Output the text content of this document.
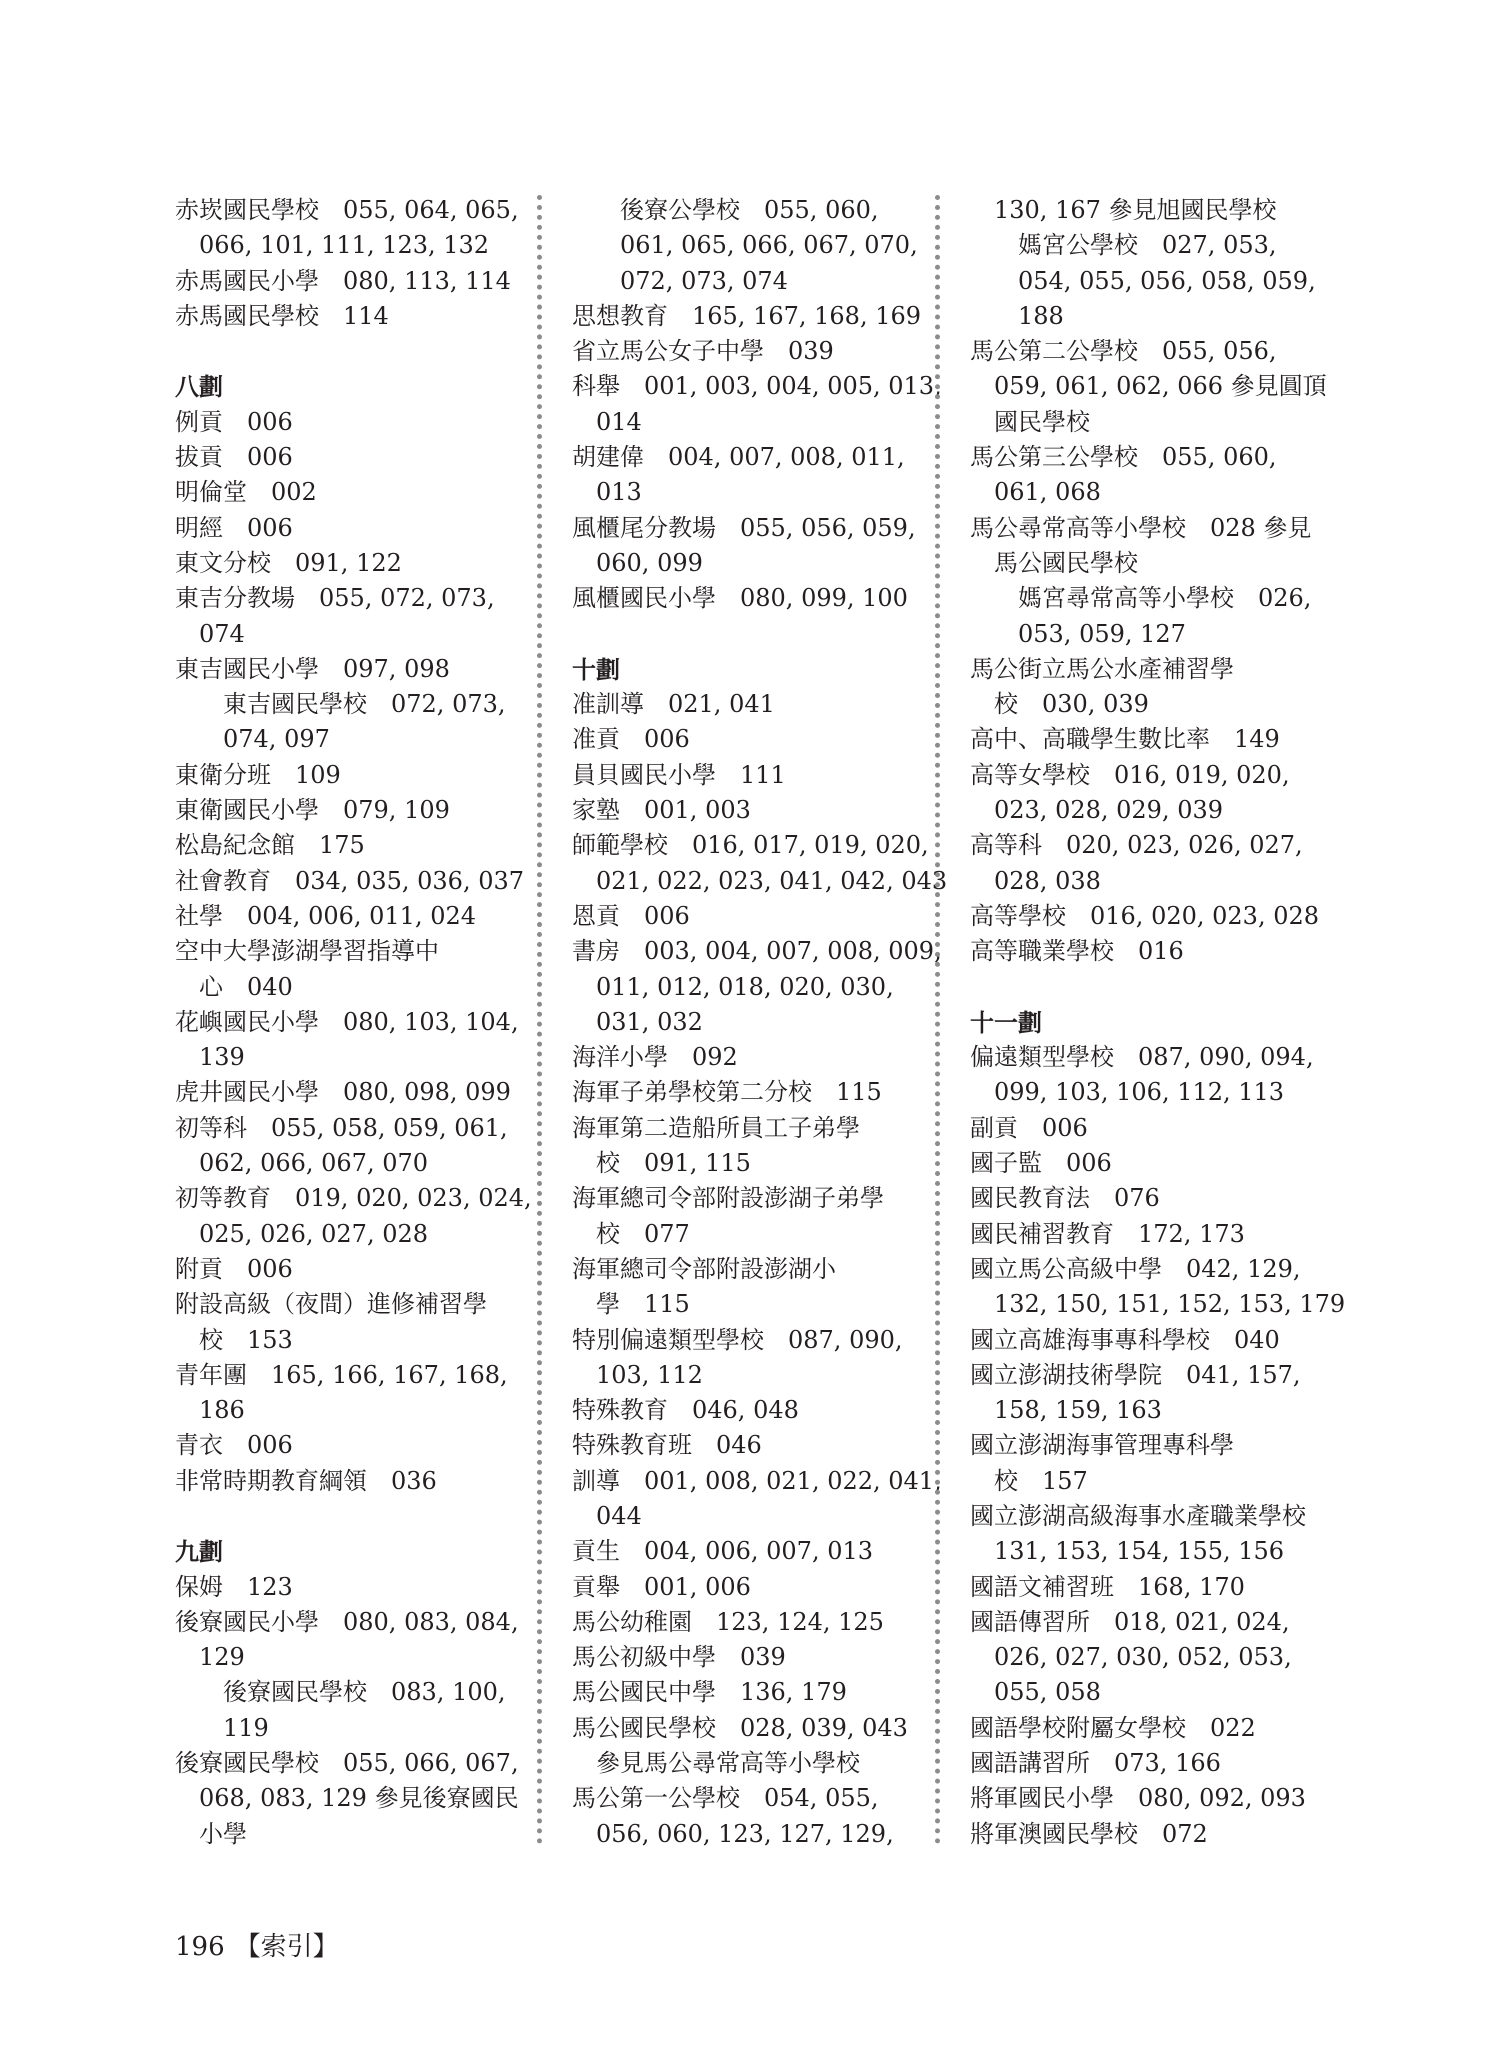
赤崁國民學校　055, 064, 065,
066, 101, 111, 123, 132
赤馬國民小學　080, 113, 114
赤馬國民學校　114
八劃
例貢　006
拔貢　006
明倫堂　002
明經　006
東文分校　091, 122
東吉分教場　055, 072, 073,
074
東吉國民小學　097, 098
東吉國民學校　072, 073,
074, 097
東衛分班　109
東衛國民小學　079, 109
松島紀念館　175
社會教育　034, 035, 036, 037
社學　004, 006, 011, 024
空中大學澎湖學習指導中
心　040
花嶼國民小學　080, 103, 104,
139
虎井國民小學　080, 098, 099
初等科　055, 058, 059, 061,
062, 066, 067, 070
初等教育　019, 020, 023, 024,
025, 026, 027, 028
附貢　006
附設高級（夜間）進修補習學
校　153
青年團　165, 166, 167, 168,
186
青衣　006
非常時期教育綱領　036
九劃
保姆　123
後寮國民小學　080, 083, 084,
129
後寮國民學校　083, 100,
119
後寮國民學校　055, 066, 067,
068, 083, 129 參見後寮國民
小學
後寮公學校　055, 060,
061, 065, 066, 067, 070,
072, 073, 074
思想教育　165, 167, 168, 169
省立馬公女子中學　039
科舉　001, 003, 004, 005, 013,
014
胡建偉　004, 007, 008, 011,
013
風櫃尾分教場　055, 056, 059,
060, 099
風櫃國民小學　080, 099, 100
十劃
准訓導　021, 041
准貢　006
員貝國民小學　111
家塾　001, 003
師範學校　016, 017, 019, 020,
021, 022, 023, 041, 042, 043
恩貢　006
書房　003, 004, 007, 008, 009,
011, 012, 018, 020, 030,
031, 032
海洋小學　092
海軍子弟學校第二分校　115
海軍第二造船所員工子弟學
校　091, 115
海軍總司令部附設澎湖子弟學
校　077
海軍總司令部附設澎湖小
學　115
特別偏遠類型學校　087, 090,
103, 112
特殊教育　046, 048
特殊教育班　046
訓導　001, 008, 021, 022, 041,
044
貢生　004, 006, 007, 013
貢舉　001, 006
馬公幼稚園　123, 124, 125
馬公初級中學　039
馬公國民中學　136, 179
馬公國民學校　028, 039, 043
參見馬公尋常高等小學校
馬公第一公學校　054, 055,
056, 060, 123, 127, 129,
130, 167 參見旭國民學校
媽宮公學校　027, 053,
054, 055, 056, 058, 059,
188
馬公第二公學校　055, 056,
059, 061, 062, 066 參見圓頂
國民學校
馬公第三公學校　055, 060,
061, 068
馬公尋常高等小學校　028 參見
馬公國民學校
媽宮尋常高等小學校　026,
053, 059, 127
馬公街立馬公水產補習學
校　030, 039
高中、高職學生數比率　149
高等女學校　016, 019, 020,
023, 028, 029, 039
高等科　020, 023, 026, 027,
028, 038
高等學校　016, 020, 023, 028
高等職業學校　016
十一劃
偏遠類型學校　087, 090, 094,
099, 103, 106, 112, 113
副貢　006
國子監　006
國民教育法　076
國民補習教育　172, 173
國立馬公高級中學　042, 129,
132, 150, 151, 152, 153, 179
國立高雄海事專科學校　040
國立澎湖技術學院　041, 157,
158, 159, 163
國立澎湖海事管理專科學
校　157
國立澎湖高級海事水產職業學校
131, 153, 154, 155, 156
國語文補習班　168, 170
國語傳習所　018, 021, 024,
026, 027, 030, 052, 053,
055, 058
國語學校附屬女學校　022
國語講習所　073, 166
將軍國民小學　080, 092, 093
將軍澳國民學校　072
196 【索引】
